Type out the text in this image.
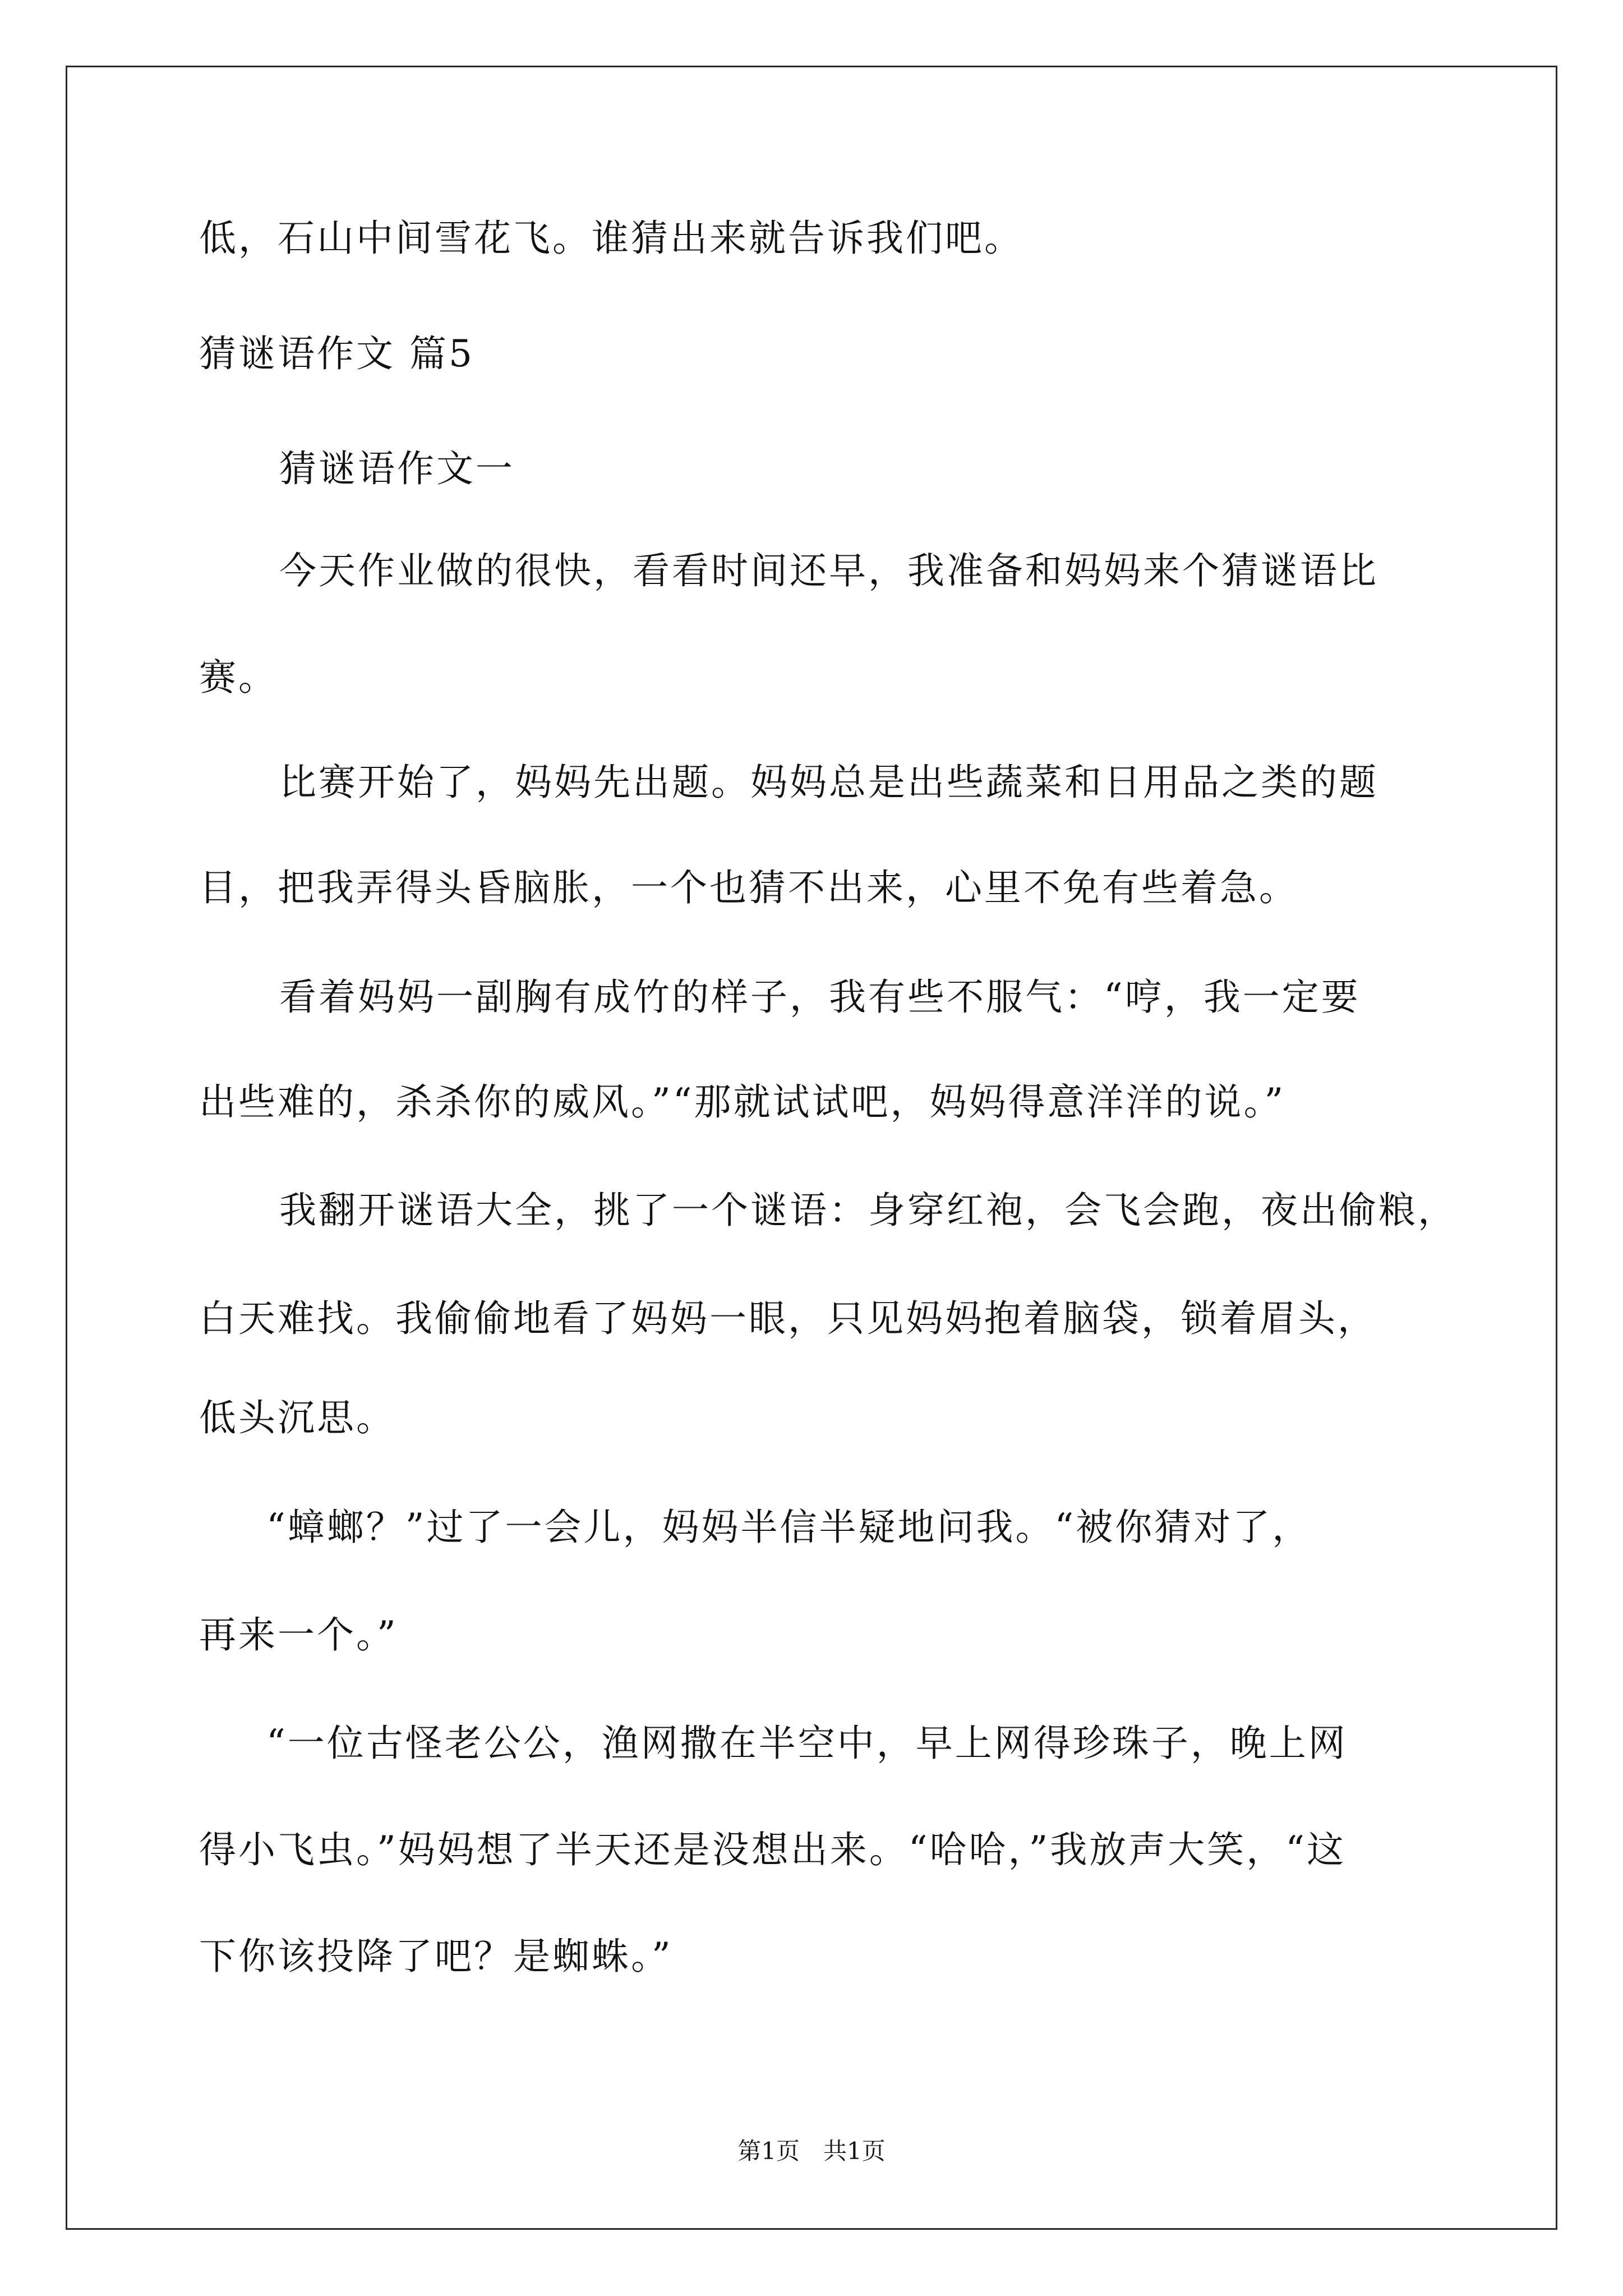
低，石山中间雪花飞。谁猜出来就告诉我们吧。
猜谜语作文 篇5
猜谜语作文一
今天作业做的很快，看看时间还早，我准备和妈妈来个猜谜语比
赛。
比赛开始了，妈妈先出题。妈妈总是出些蔬菜和日用品之类的题
目，把我弄得头昏脑胀，一个也猜不出来，心里不免有些着急。
看着妈妈一副胸有成竹的样子，我有些不服气：“哼，我一定要
出些难的，杀杀你的威风。”“那就试试吧，妈妈得意洋洋的说。”
我翻开谜语大全，挑了一个谜语：身穿红袍，会飞会跑，夜出偷粮，
白天难找。我偷偷地看了妈妈一眼，只见妈妈抱着脑袋，锁着眉头，
低头沉思。
“蟑螂？”过了一会儿，妈妈半信半疑地问我。“被你猜对了，
再来一个。”
“一位古怪老公公，渔网撒在半空中，早上网得珍珠子，晚上网
得小飞虫。”妈妈想了半天还是没想出来。“哈哈，”我放声大笑，“这
下你该投降了吧？是蜘蛛。”
第1页　共1页
